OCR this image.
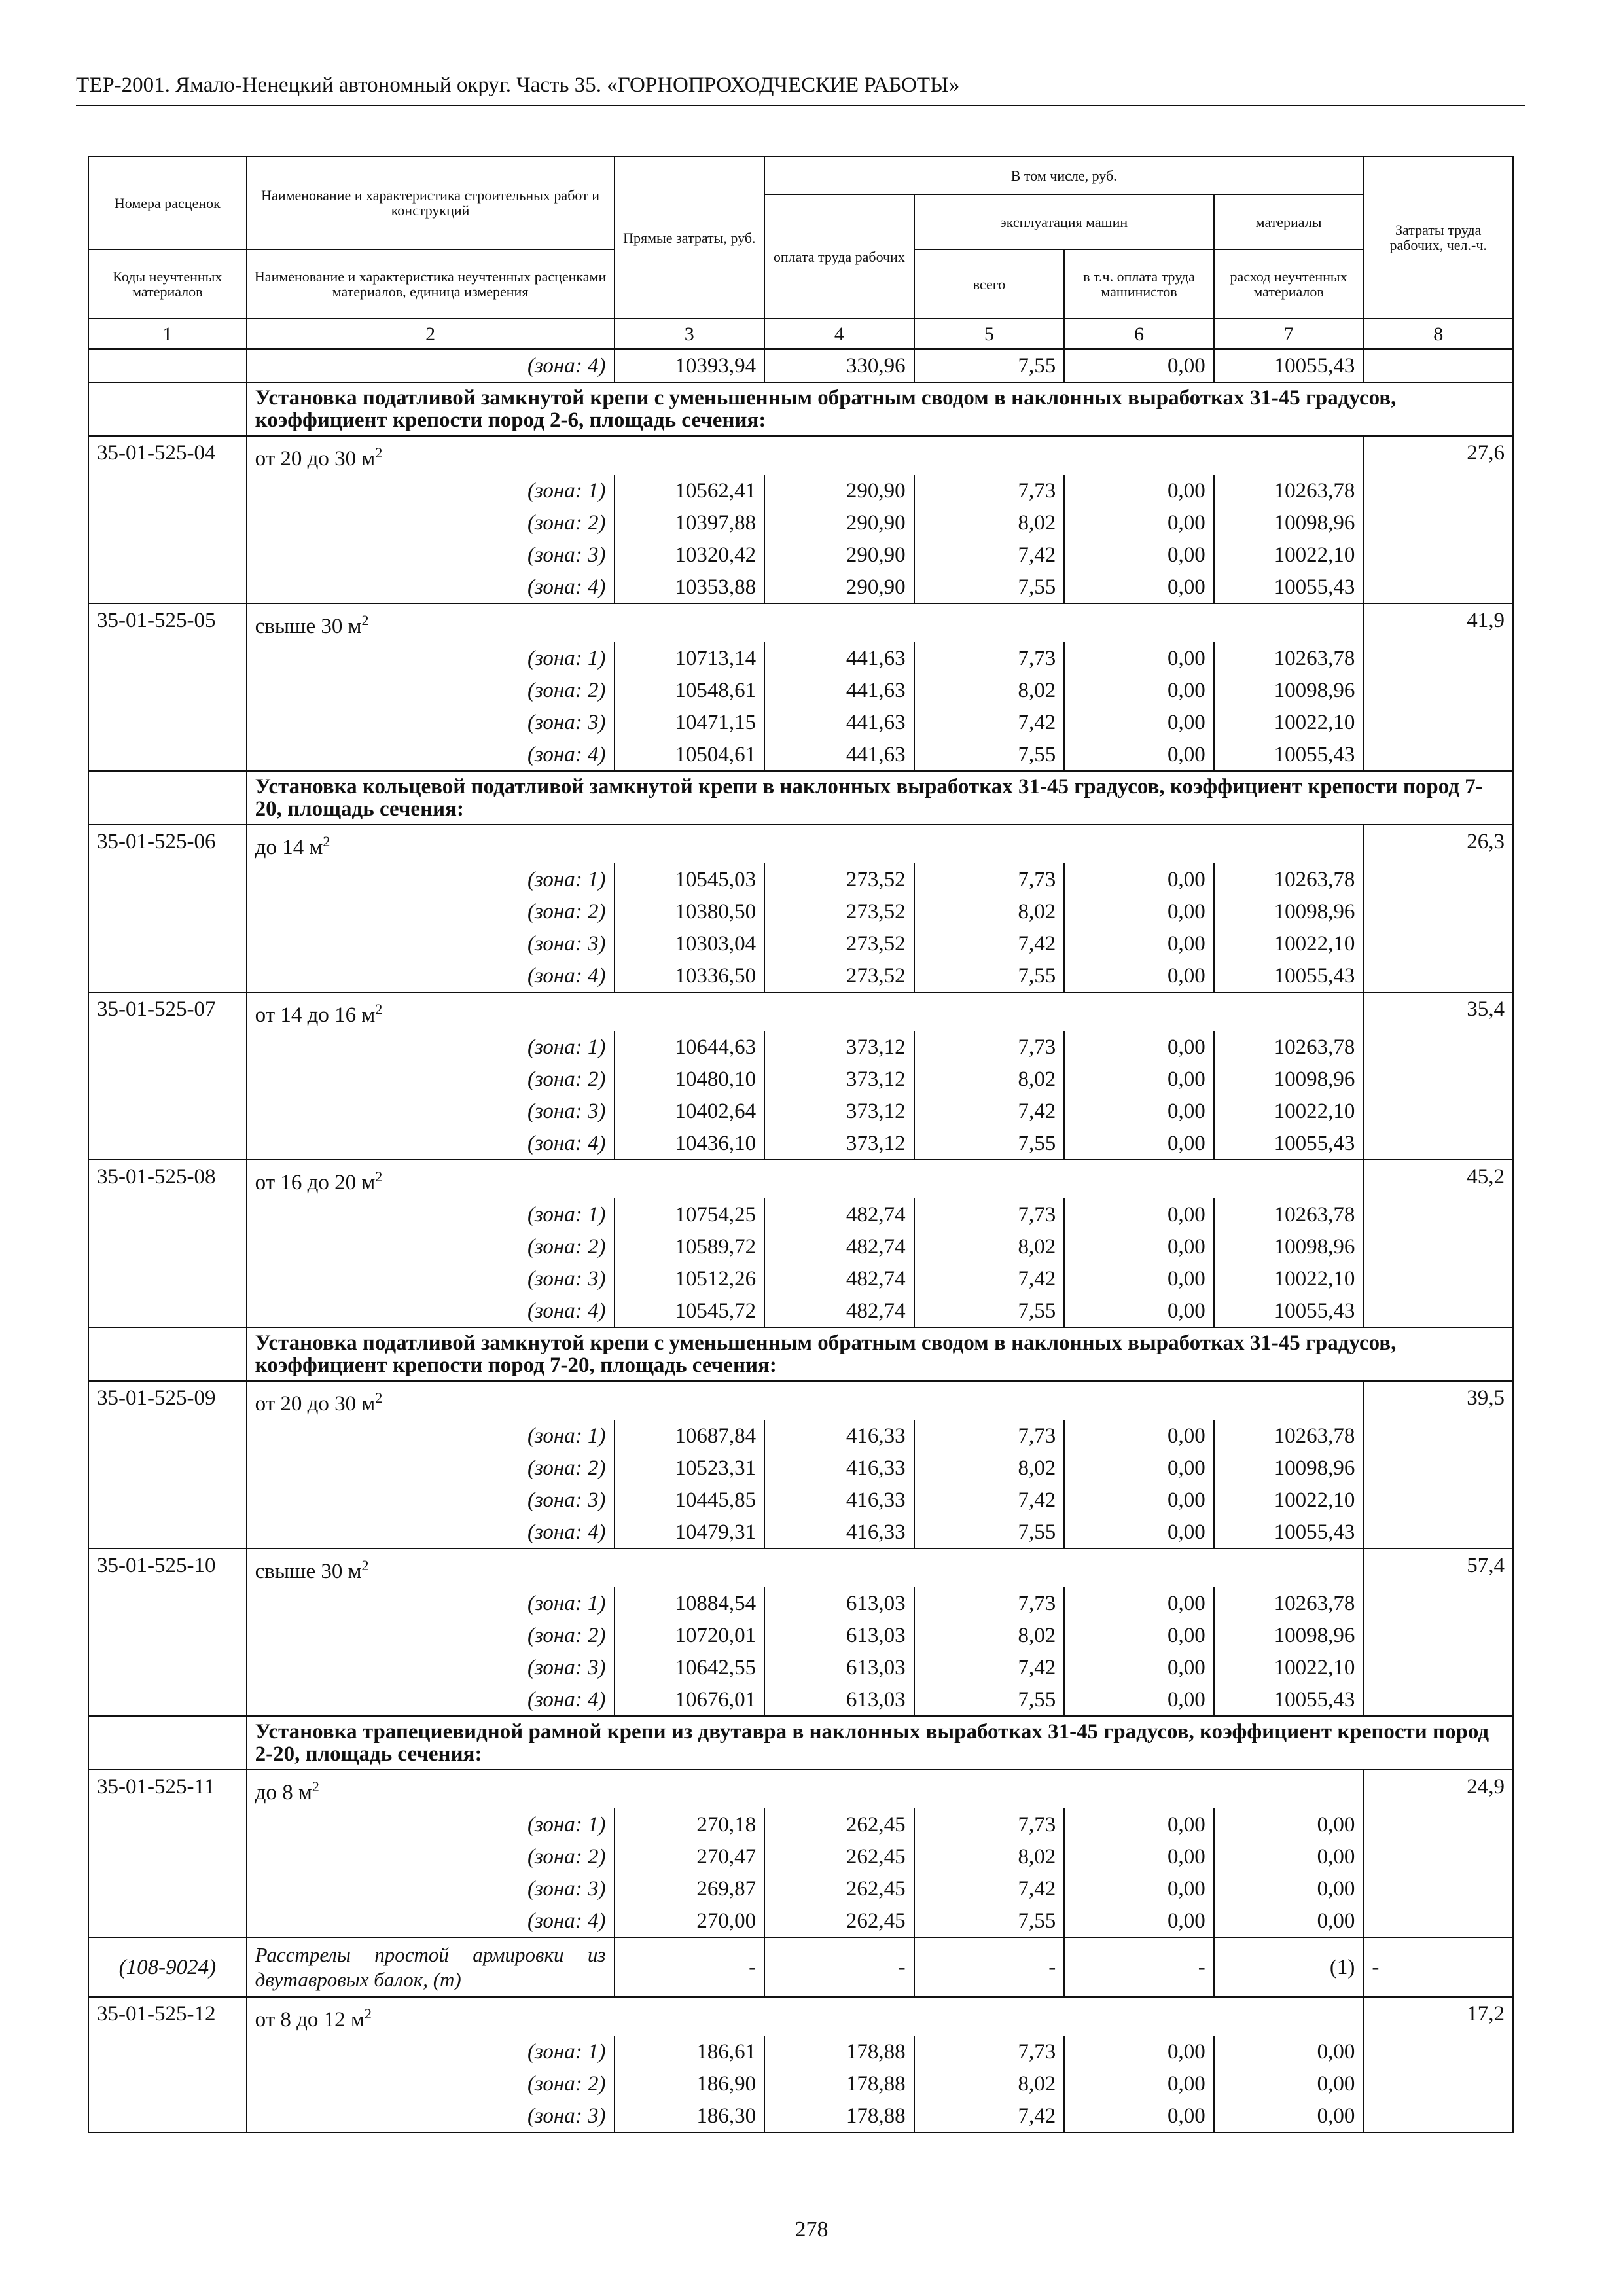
ТЕР-2001. Ямало-Ненецкий автономный округ. Часть 35. «ГОРНОПРОХОДЧЕСКИЕ РАБОТЫ»
Номера расценок	Наименование и характеристика строительных работ и конструкций	Прямые затраты, руб.	В том числе, руб.				Затраты труда рабочих, чел.-ч.
			оплата труда рабочих	эксплуатация машин		материалы	
Коды неучтенных материалов	Наименование и характеристика неучтенных расценками материалов, единица измерения			всего	в т.ч. оплата труда машинистов	расход неучтенных материалов	
1	2	3	4	5	6	7	8
	(зона: 4)	10393,94	330,96	7,55	0,00	10055,43	
	Установка податливой замкнутой крепи с уменьшенным обратным сводом в наклонных выработках 31-45 градусов, коэффициент крепости пород 2-6, площадь сечения:						
35-01-525-04	от 20 до 30 $м^2$						27,6
	(зона: 1)	10562,41	290,90	7,73	0,00	10263,78	
	(зона: 2)	10397,88	290,90	8,02	0,00	10098,96	
	(зона: 3)	10320,42	290,90	7,42	0,00	10022,10	
	(зона: 4)	10353,88	290,90	7,55	0,00	10055,43	
35-01-525-05	свыше 30 $м^2$						41,9
	(зона: 1)	10713,14	441,63	7,73	0,00	10263,78	
	(зона: 2)	10548,61	441,63	8,02	0,00	10098,96	
	(зона: 3)	10471,15	441,63	7,42	0,00	10022,10	
	(зона: 4)	10504,61	441,63	7,55	0,00	10055,43	
	Установка кольцевой податливой замкнутой крепи в наклонных выработках 31-45 градусов, коэффициент крепости пород 7-20, площадь сечения:						
35-01-525-06	до 14 $м^2$						26,3
	(зона: 1)	10545,03	273,52	7,73	0,00	10263,78	
	(зона: 2)	10380,50	273,52	8,02	0,00	10098,96	
	(зона: 3)	10303,04	273,52	7,42	0,00	10022,10	
	(зона: 4)	10336,50	273,52	7,55	0,00	10055,43	
35-01-525-07	от 14 до 16 $м^2$						35,4
	(зона: 1)	10644,63	373,12	7,73	0,00	10263,78	
	(зона: 2)	10480,10	373,12	8,02	0,00	10098,96	
	(зона: 3)	10402,64	373,12	7,42	0,00	10022,10	
	(зона: 4)	10436,10	373,12	7,55	0,00	10055,43	
35-01-525-08	от 16 до 20 $м^2$						45,2
	(зона: 1)	10754,25	482,74	7,73	0,00	10263,78	
	(зона: 2)	10589,72	482,74	8,02	0,00	10098,96	
	(зона: 3)	10512,26	482,74	7,42	0,00	10022,10	
	(зона: 4)	10545,72	482,74	7,55	0,00	10055,43	
	Установка податливой замкнутой крепи с уменьшенным обратным сводом в наклонных выработках 31-45 градусов, коэффициент крепости пород 7-20, площадь сечения:						
35-01-525-09	от 20 до 30 $м^2$						39,5
	(зона: 1)	10687,84	416,33	7,73	0,00	10263,78	
	(зона: 2)	10523,31	416,33	8,02	0,00	10098,96	
	(зона: 3)	10445,85	416,33	7,42	0,00	10022,10	
	(зона: 4)	10479,31	416,33	7,55	0,00	10055,43	
35-01-525-10	свыше 30 $м^2$						57,4
	(зона: 1)	10884,54	613,03	7,73	0,00	10263,78	
	(зона: 2)	10720,01	613,03	8,02	0,00	10098,96	
	(зона: 3)	10642,55	613,03	7,42	0,00	10022,10	
	(зона: 4)	10676,01	613,03	7,55	0,00	10055,43	
	Установка трапециевидной рамной крепи из двутавра в наклонных выработках 31-45 градусов, коэффициент крепости пород 2-20, площадь сечения:						
35-01-525-11	до 8 $м^2$						24,9
	(зона: 1)	270,18	262,45	7,73	0,00	0,00	
	(зона: 2)	270,47	262,45	8,02	0,00	0,00	
	(зона: 3)	269,87	262,45	7,42	0,00	0,00	
	(зона: 4)	270,00	262,45	7,55	0,00	0,00	
(108-9024)	Расстрелы простой армировки из двутавровых балок, (т)	-	-	-	-	(1)	-
35-01-525-12	от 8 до 12 $м^2$						17,2
	(зона: 1)	186,61	178,88	7,73	0,00	0,00	
	(зона: 2)	186,90	178,88	8,02	0,00	0,00	
	(зона: 3)	186,30	178,88	7,42	0,00	0,00	
278
